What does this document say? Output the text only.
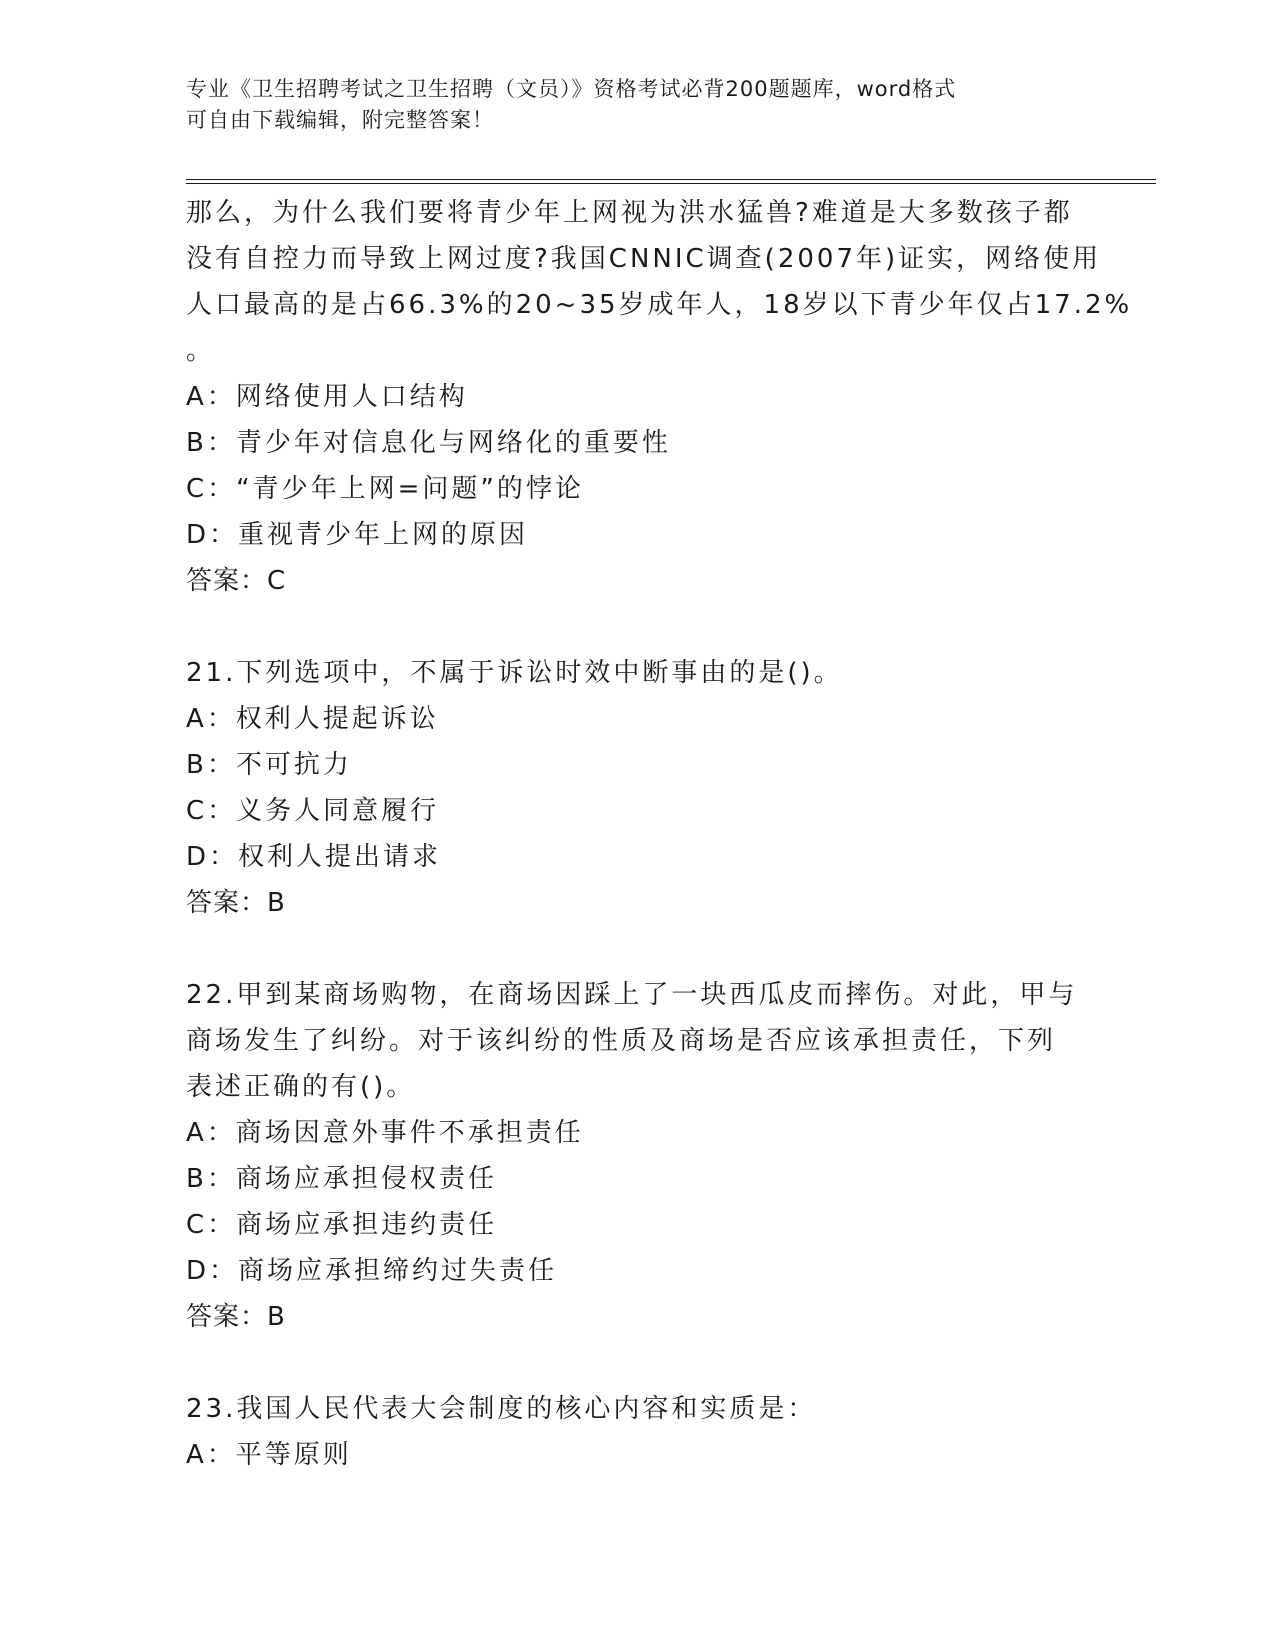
专业《卫生招聘考试之卫生招聘（文员）》资格考试必背200题题库，word格式
可自由下载编辑，附完整答案！
那么，为什么我们要将青少年上网视为洪水猛兽?难道是大多数孩子都
没有自控力而导致上网过度?我国CNNIC调查(2007年)证实，网络使用
人口最高的是占66.3%的20~35岁成年人，18岁以下青少年仅占17.2%
。
A：网络使用人口结构
B：青少年对信息化与网络化的重要性
C：“青少年上网=问题”的悖论
D：重视青少年上网的原因
答案：C
21.下列选项中，不属于诉讼时效中断事由的是()。
A：权利人提起诉讼
B：不可抗力
C：义务人同意履行
D：权利人提出请求
答案：B
22.甲到某商场购物，在商场因踩上了一块西瓜皮而摔伤。对此，甲与
商场发生了纠纷。对于该纠纷的性质及商场是否应该承担责任，下列
表述正确的有()。
A：商场因意外事件不承担责任
B：商场应承担侵权责任
C：商场应承担违约责任
D：商场应承担缔约过失责任
答案：B
23.我国人民代表大会制度的核心内容和实质是：
A：平等原则
